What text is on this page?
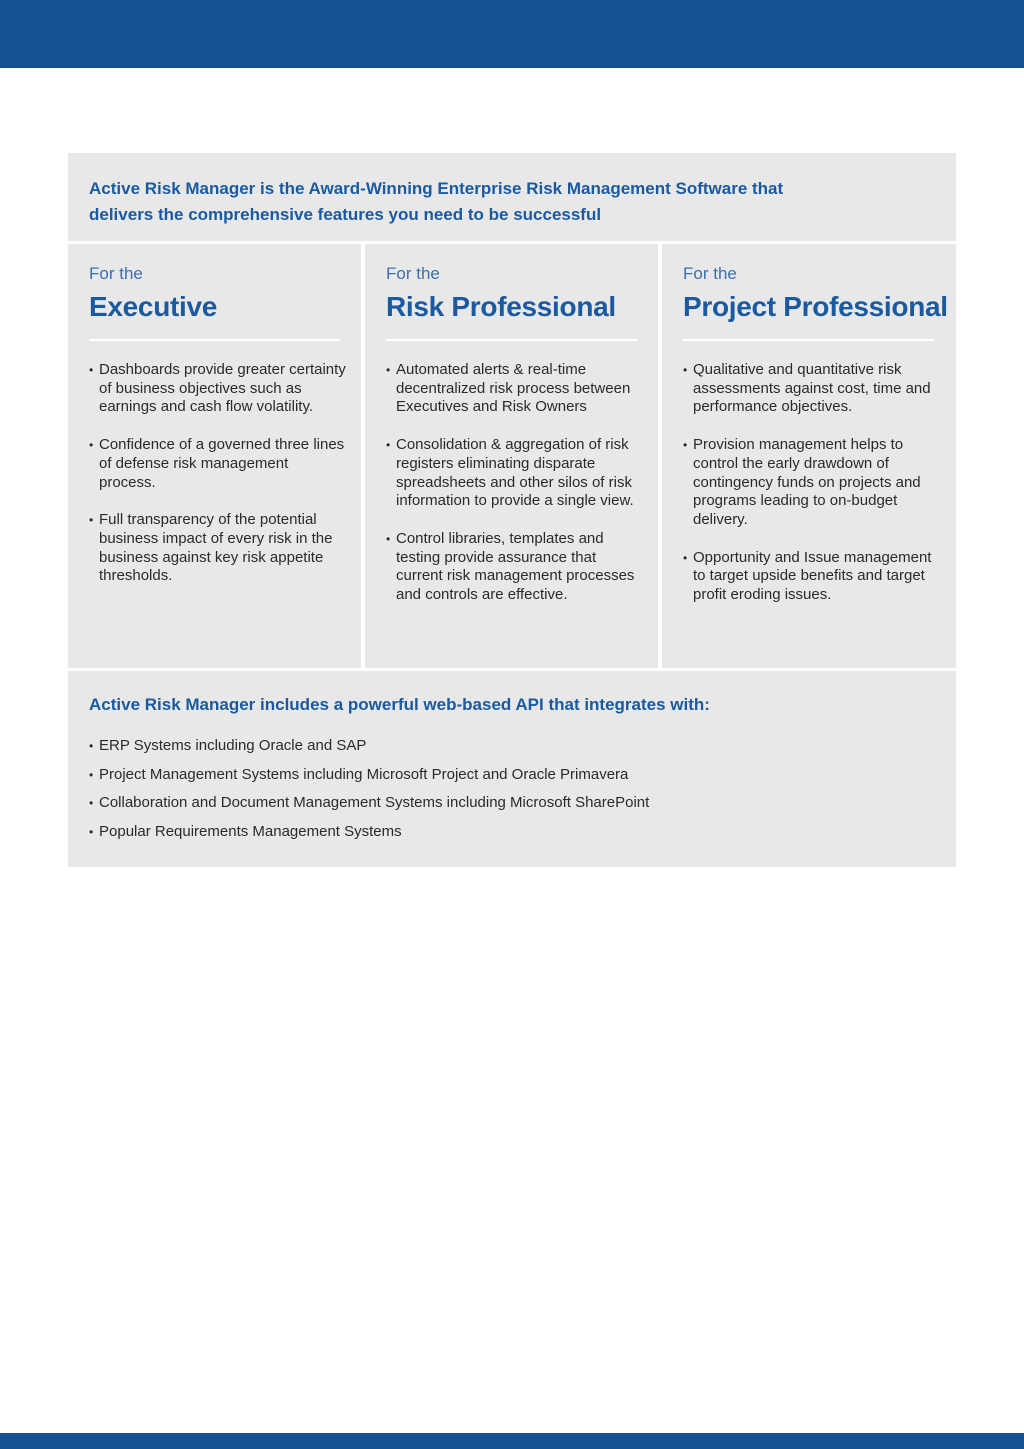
Active Risk Manager is the Award-Winning Enterprise Risk Management Software that
delivers the comprehensive features you need to be successful

For the

Executive
• Dashboards provide greater certainty of business objectives such as earnings and cash flow volatility.
• Confidence of a governed three lines of defense risk management process.
• Full transparency of the potential business impact of every risk in the business against key risk appetite thresholds.

For the

Risk Professional
• Automated alerts & real-time decentralized risk process between Executives and Risk Owners
• Consolidation & aggregation of risk registers eliminating disparate spreadsheets and other silos of risk information to provide a single view.
• Control libraries, templates and testing provide assurance that current risk management processes and controls are effective.

For the

Project Professional
• Qualitative and quantitative risk assessments against cost, time and performance objectives.
• Provision management helps to control the early drawdown of contingency funds on projects and programs leading to on-budget delivery.
• Opportunity and Issue management to target upside benefits and target profit eroding issues.

Active Risk Manager includes a powerful web-based API that integrates with:

• ERP Systems including Oracle and SAP
• Project Management Systems including Microsoft Project and Oracle Primavera
• Collaboration and Document Management Systems including Microsoft SharePoint
• Popular Requirements Management Systems
